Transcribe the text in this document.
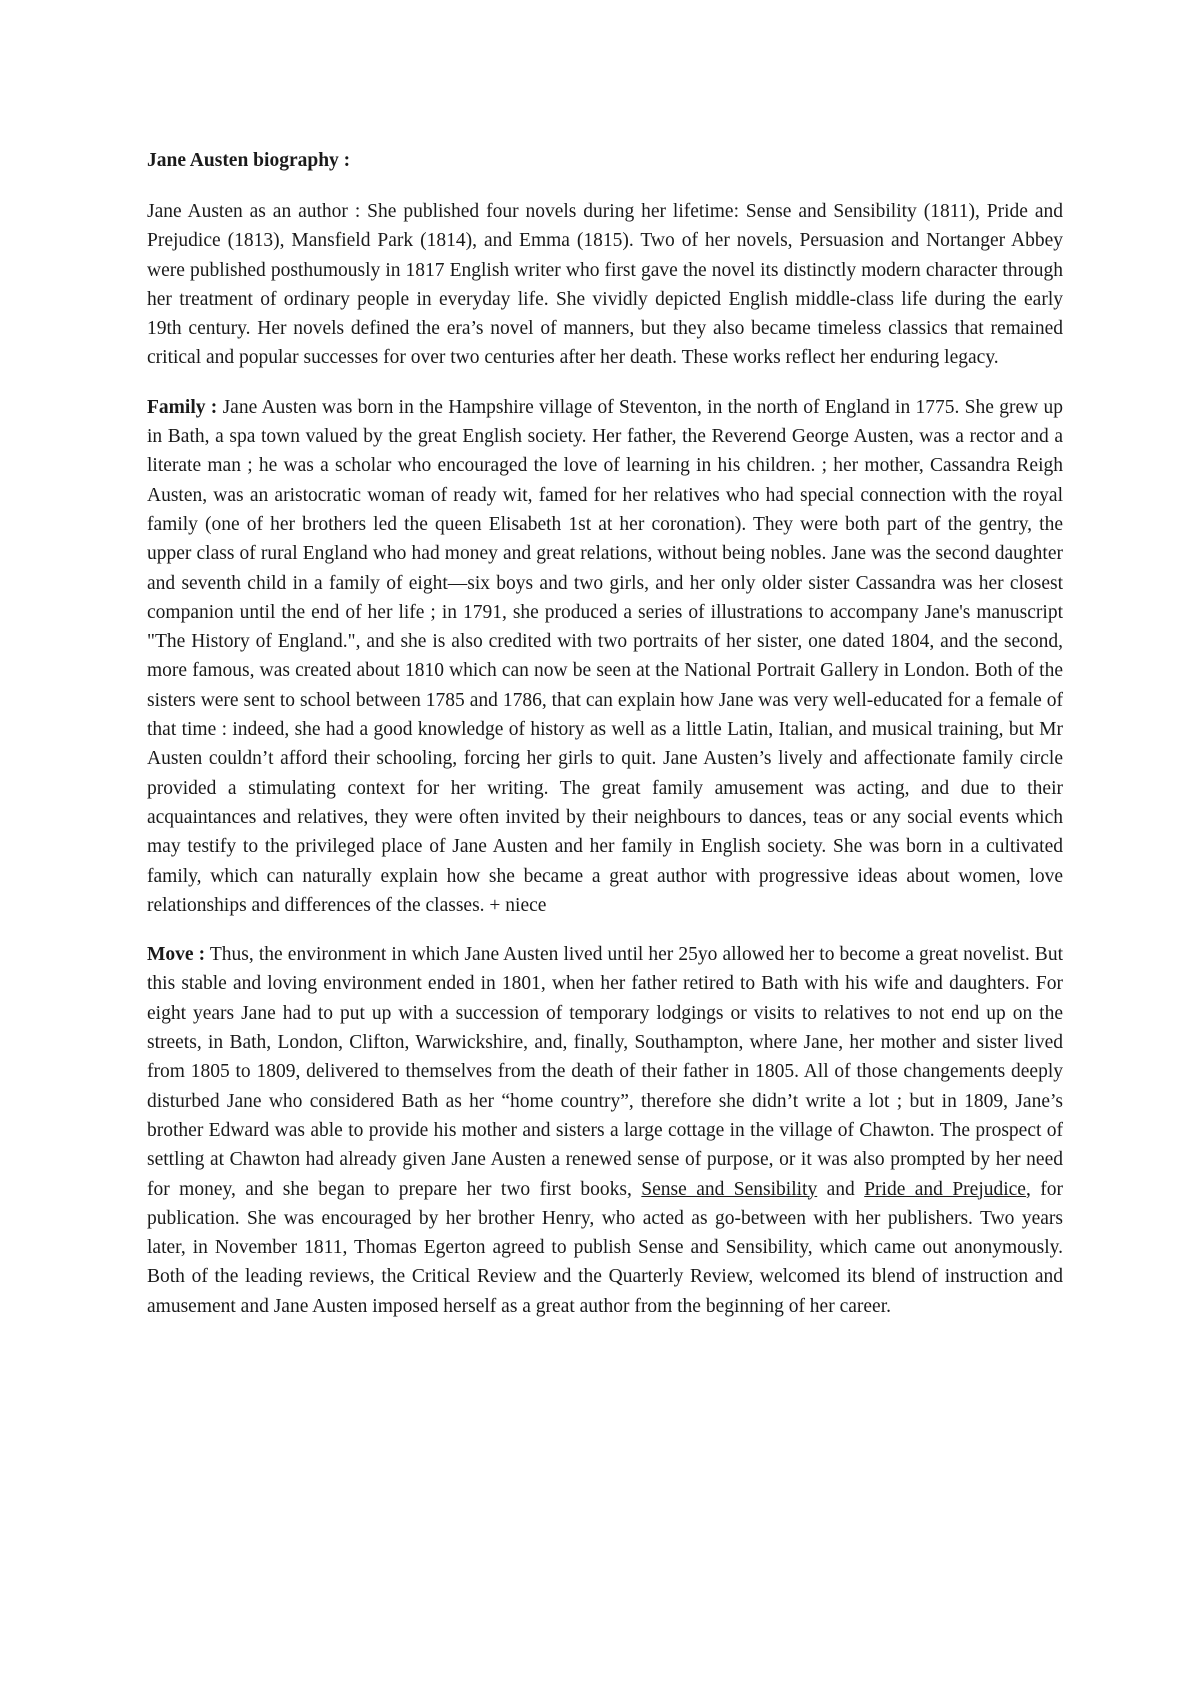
Jane Austen biography :

Jane Austen as an author : She published four novels during her lifetime: Sense and Sensibility (1811), Pride and Prejudice (1813), Mansfield Park (1814), and Emma (1815). Two of her novels, Persuasion and Nortanger Abbey were published posthumously in 1817 English writer who first gave the novel its distinctly modern character through her treatment of ordinary people in everyday life. She vividly depicted English middle-class life during the early 19th century. Her novels defined the era’s novel of manners, but they also became timeless classics that remained critical and popular successes for over two centuries after her death. These works reflect her enduring legacy.

Family : Jane Austen was born in the Hampshire village of Steventon, in the north of England in 1775. She grew up in Bath, a spa town valued by the great English society. Her father, the Reverend George Austen, was a rector and a literate man ; he was a scholar who encouraged the love of learning in his children. ; her mother, Cassandra Reigh Austen, was an aristocratic woman of ready wit, famed for her relatives who had special connection with the royal family (one of her brothers led the queen Elisabeth 1st at her coronation). They were both part of the gentry, the upper class of rural England who had money and great relations, without being nobles. Jane was the second daughter and seventh child in a family of eight—six boys and two girls, and her only older sister Cassandra was her closest companion until the end of her life ; in 1791, she produced a series of illustrations to accompany Jane's manuscript "The History of England.", and she is also credited with two portraits of her sister, one dated 1804, and the second, more famous, was created about 1810 which can now be seen at the National Portrait Gallery in London. Both of the sisters were sent to school between 1785 and 1786, that can explain how Jane was very well-educated for a female of that time : indeed, she had a good knowledge of history as well as a little Latin, Italian, and musical training, but Mr Austen couldn’t afford their schooling, forcing her girls to quit. Jane Austen’s lively and affectionate family circle provided a stimulating context for her writing. The great family amusement was acting, and due to their acquaintances and relatives, they were often invited by their neighbours to dances, teas or any social events which may testify to the privileged place of Jane Austen and her family in English society. She was born in a cultivated family, which can naturally explain how she became a great author with progressive ideas about women, love relationships and differences of the classes. + niece

Move : Thus, the environment in which Jane Austen lived until her 25yo allowed her to become a great novelist. But this stable and loving environment ended in 1801, when her father retired to Bath with his wife and daughters. For eight years Jane had to put up with a succession of temporary lodgings or visits to relatives to not end up on the streets, in Bath, London, Clifton, Warwickshire, and, finally, Southampton, where Jane, her mother and sister lived from 1805 to 1809, delivered to themselves from the death of their father in 1805. All of those changements deeply disturbed Jane who considered Bath as her “home country”, therefore she didn’t write a lot ; but in 1809, Jane’s brother Edward was able to provide his mother and sisters a large cottage in the village of Chawton. The prospect of settling at Chawton had already given Jane Austen a renewed sense of purpose, or it was also prompted by her need for money, and she began to prepare her two first books, Sense and Sensibility and Pride and Prejudice, for publication. She was encouraged by her brother Henry, who acted as go-between with her publishers. Two years later, in November 1811, Thomas Egerton agreed to publish Sense and Sensibility, which came out anonymously. Both of the leading reviews, the Critical Review and the Quarterly Review, welcomed its blend of instruction and amusement and Jane Austen imposed herself as a great author from the beginning of her career.
